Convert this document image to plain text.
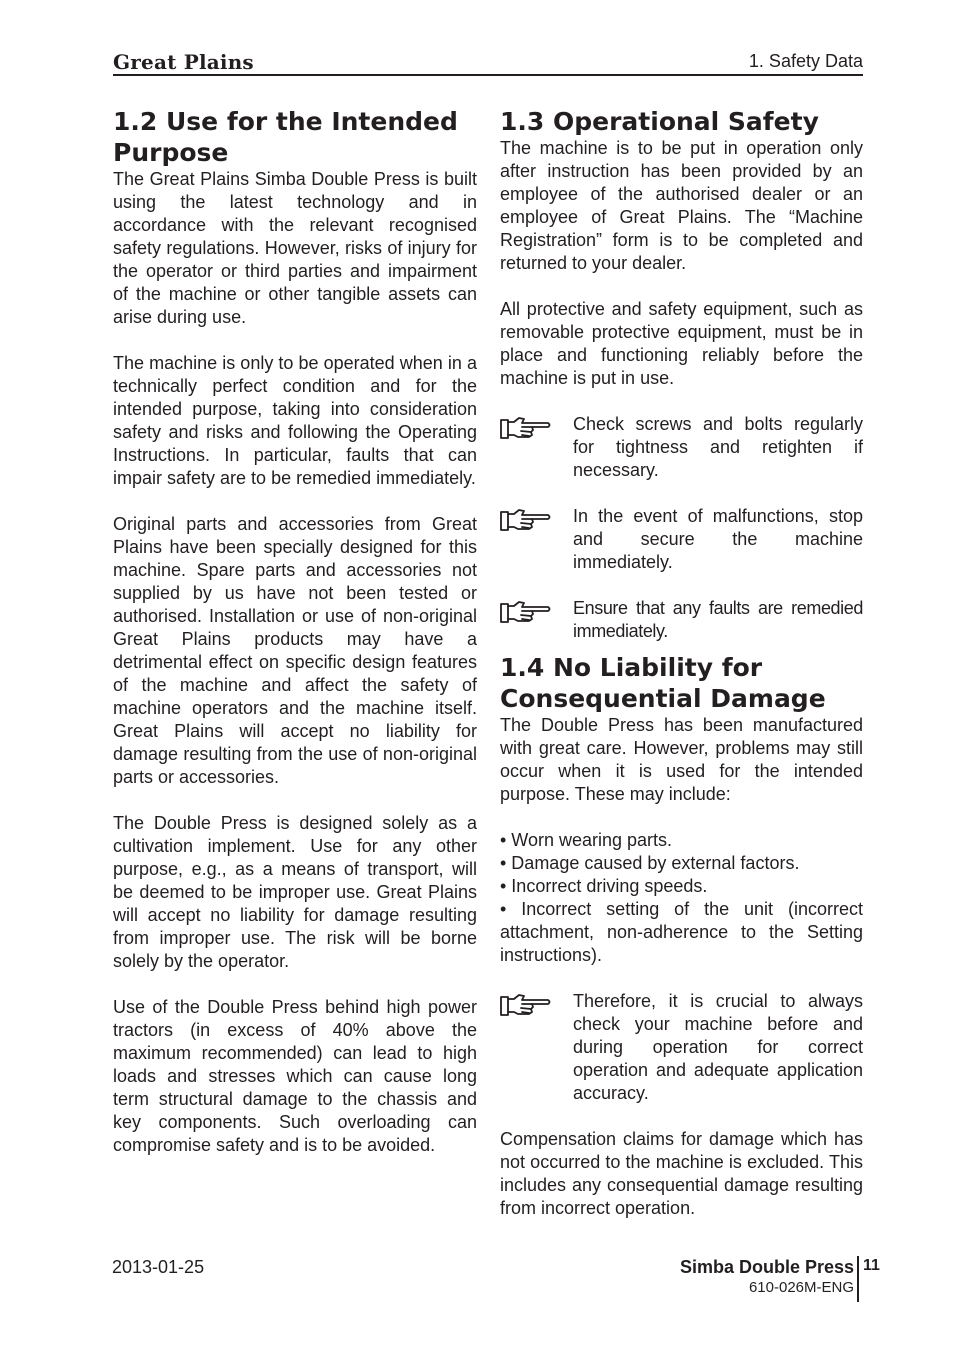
Great Plains	1. Safety Data
1.2 Use for the Intended Purpose

The Great Plains Simba Double Press is built using the latest technology and in accordance with the relevant recognised safety regulations. However, risks of injury for the operator or third parties and impairment of the machine or other tangible assets can arise during use.

The machine is only to be operated when in a technically perfect condition and for the intended purpose, taking into consideration safety and risks and following the Operating Instructions. In particular, faults that can impair safety are to be remedied immediately.

Original parts and accessories from Great Plains have been specially designed for this machine. Spare parts and accessories not supplied by us have not been tested or authorised. Installation or use of non-original Great Plains products may have a detrimental effect on specific design features of the machine and affect the safety of machine operators and the machine itself. Great Plains will accept no liability for damage resulting from the use of non-original parts or accessories.

The Double Press is designed solely as a cultivation implement. Use for any other purpose, e.g., as a means of transport, will be deemed to be improper use. Great Plains will accept no liability for damage resulting from improper use. The risk will be borne solely by the operator.

Use of the Double Press behind high power tractors (in excess of 40% above the maximum recommended) can lead to high loads and stresses which can cause long term structural damage to the chassis and key components. Such overloading can compromise safety and is to be avoided.

1.3 Operational Safety

The machine is to be put in operation only after instruction has been provided by an employee of the authorised dealer or an employee of Great Plains. The “Machine Registration” form is to be completed and returned to your dealer.

All protective and safety equipment, such as removable protective equipment, must be in place and functioning reliably before the machine is put in use.

Check screws and bolts regularly for tightness and retighten if necessary.

In the event of malfunctions, stop and secure the machine immediately.

Ensure that any faults are remedied immediately.

1.4 No Liability for Consequential Damage

The Double Press has been manufactured with great care. However, problems may still occur when it is used for the intended purpose. These may include:

• Worn wearing parts.
• Damage caused by external factors.
• Incorrect driving speeds.
• Incorrect setting of the unit (incorrect attachment, non-adherence to the Setting instructions).

Therefore, it is crucial to always check your machine before and during operation for correct operation and adequate application accuracy.

Compensation claims for damage which has not occurred to the machine is excluded. This includes any consequential damage resulting from incorrect operation.

2013-01-25	Simba Double Press
610-026M-ENG
11
